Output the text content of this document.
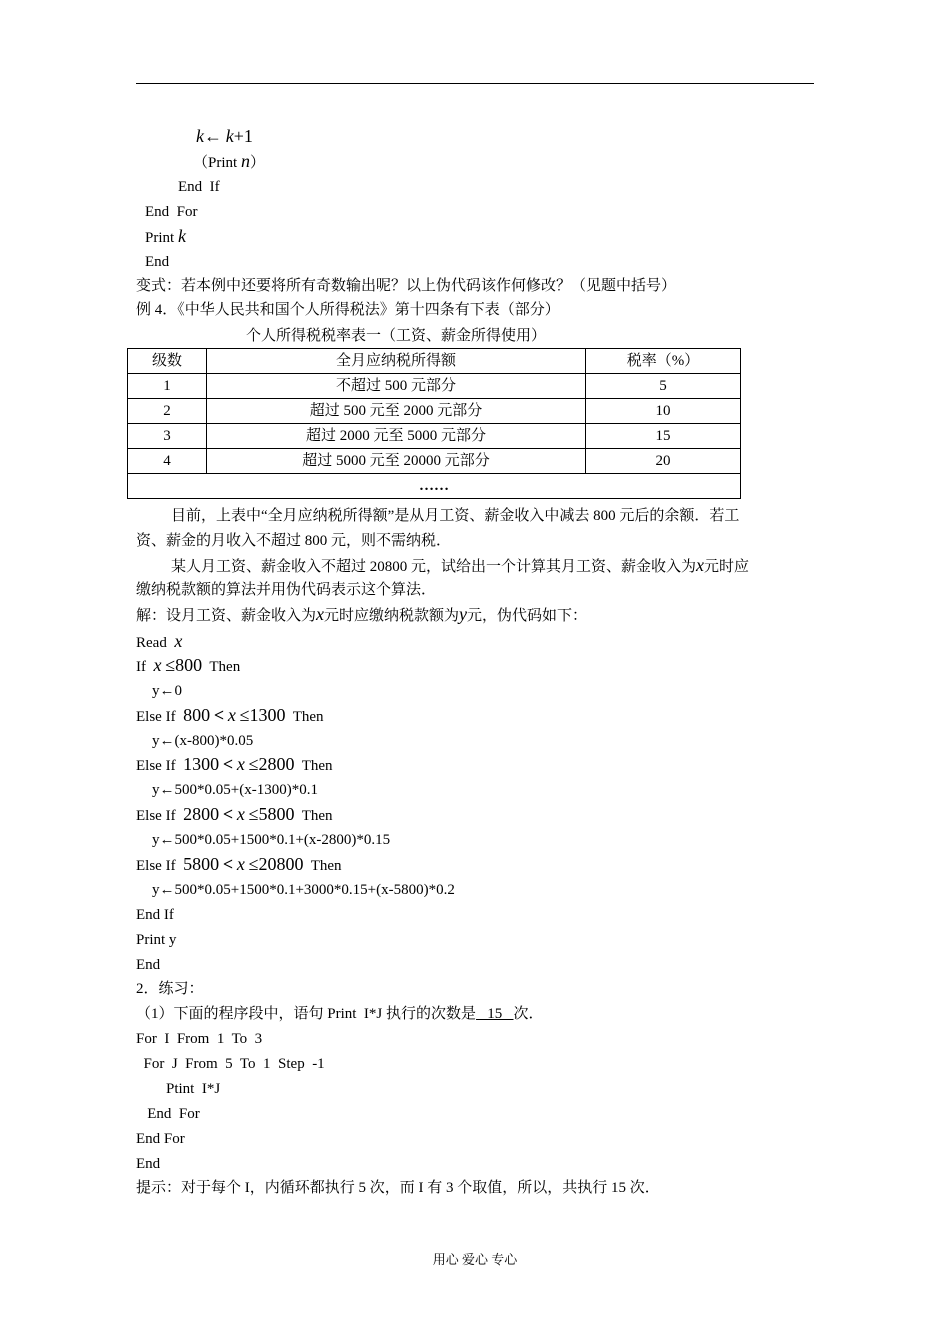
k← k+1
（Print n）
End  If
End  For
Print k
End
变式：若本例中还要将所有奇数输出呢？以上伪代码该作何修改？（见题中括号）
例 4．《中华人民共和国个人所得税法》第十四条有下表（部分）
个人所得税税率表一（工资、薪金所得使用）
级数	全月应纳税所得额	税率（%）
1	不超过 500 元部分	5
2	超过 500 元至 2000 元部分	10
3	超过 2000 元至 5000 元部分	15
4	超过 5000 元至 20000 元部分	20
……		
目前，上表中“全月应纳税所得额”是从月工资、薪金收入中减去 800 元后的余额．若工
资、薪金的月收入不超过 800 元，则不需纳税．
某人月工资、薪金收入不超过 20800 元，试给出一个计算其月工资、薪金收入为x元时应
缴纳税款额的算法并用伪代码表示这个算法．
解：设月工资、薪金收入为x元时应缴纳税款额为y元，伪代码如下：
Read x
If x ≤800 Then
y←0
Else If 800 < x ≤1300 Then
y←(x-800)*0.05
Else If 1300 < x ≤2800 Then
y←500*0.05+(x-1300)*0.1
Else If 2800 < x ≤5800 Then
y←500*0.05+1500*0.1+(x-2800)*0.15
Else If 5800 < x ≤20800 Then
y←500*0.05+1500*0.1+3000*0.15+(x-5800)*0.2
End If
Print y
End
2．练习：
（1）下面的程序段中，语句 Print  I*J 执行的次数是   15   次．
For  I  From  1  To  3
For  J  From  5  To  1  Step  -1
Ptint  I*J
End  For
End For
End
提示：对于每个 I，内循环都执行 5 次，而 I 有 3 个取值，所以，共执行 15 次．
用心 爱心 专心
